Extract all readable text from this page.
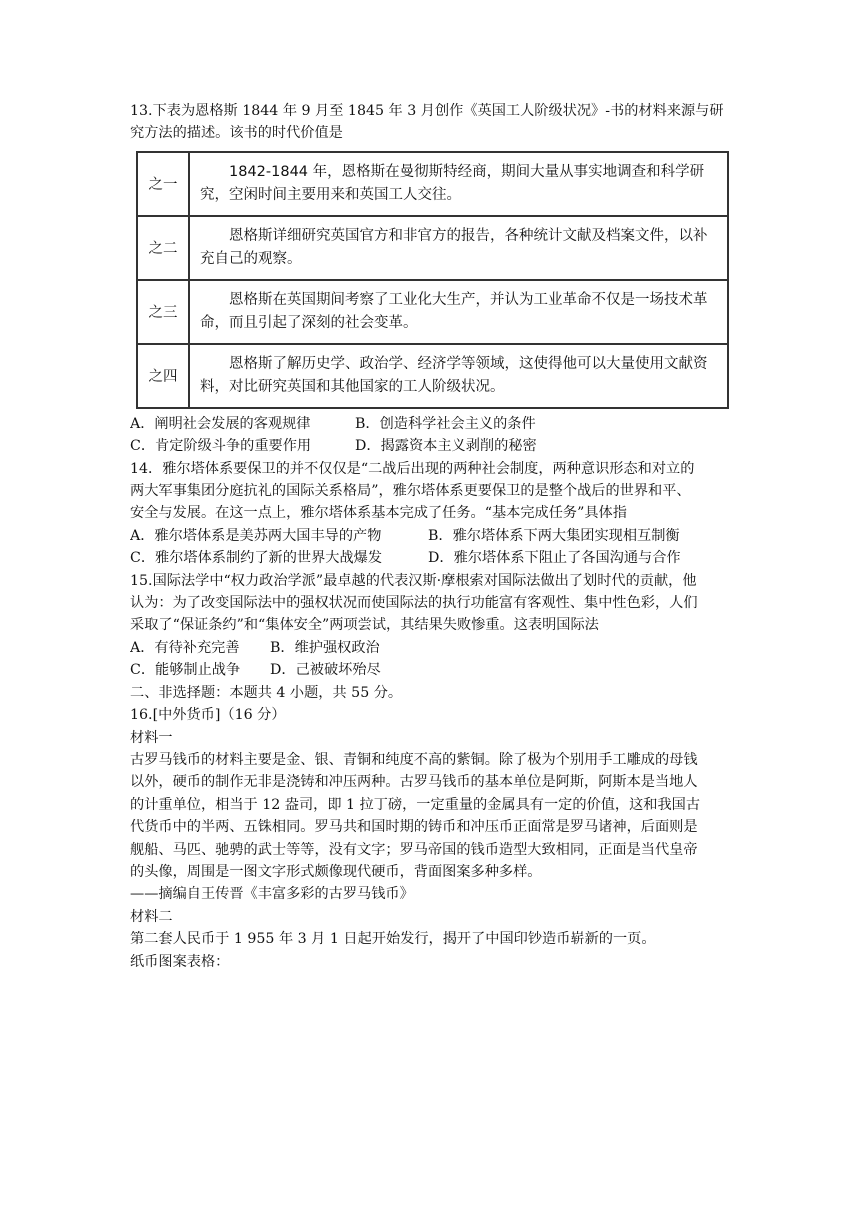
13.下表为恩格斯 1844 年 9 月至 1845 年 3 月创作《英国工人阶级状况》-书的材料来源与研
究方法的描述。该书的时代价值是
之一	1842-1844 年，恩格斯在曼彻斯特经商，期间大量从事实地调查和科学研究，空闲时间主要用来和英国工人交往。
之二	恩格斯详细研究英国官方和非官方的报告，各种统计文献及档案文件，以补充自己的观察。
之三	恩格斯在英国期间考察了工业化大生产，并认为工业革命不仅是一场技术革命，而且引起了深刻的社会变革。
之四	恩格斯了解历史学、政治学、经济学等领域，这使得他可以大量使用文献资料，对比研究英国和其他国家的工人阶级状况。
A．阐明社会发展的客观规律	B．创造科学社会主义的条件
C．肯定阶级斗争的重要作用	D．揭露资本主义剥削的秘密
14．雅尔塔体系要保卫的并不仅仅是“二战后出现的两种社会制度，两种意识形态和对立的
两大军事集团分庭抗礼的国际关系格局”，雅尔塔体系更要保卫的是整个战后的世界和平、
安全与发展。在这一点上，雅尔塔体系基本完成了任务。“基本完成任务”具体指
A．雅尔塔体系是美苏两大国丰导的产物	B．雅尔塔体系下两大集团实现相互制衡
C．雅尔塔体系制约了新的世界大战爆发	D．雅尔塔体系下阻止了各国沟通与合作
15.国际法学中“权力政治学派”最卓越的代表汉斯·摩根索对国际法做出了划时代的贡献，他
认为：为了改变国际法中的强权状况而使国际法的执行功能富有客观性、集中性色彩，人们
采取了“保证条约”和“集体安全”两项尝试，其结果失败惨重。这表明国际法
A．有待补充完善	B．维护强权政治
C．能够制止战争	D．己被破坏殆尽
二、非选择题：本题共 4 小题，共 55 分。
16.[中外货币]（16 分）
材料一
古罗马钱币的材料主要是金、银、青铜和纯度不高的紫铜。除了极为个别用手工雕成的母钱
以外，硬币的制作无非是浇铸和冲压两种。古罗马钱币的基本单位是阿斯，阿斯本是当地人
的计重单位，相当于 12 盎司，即 1 拉丁磅，一定重量的金属具有一定的价值，这和我国古
代货币中的半两、五铢相同。罗马共和国时期的铸币和冲压币正面常是罗马诸神，后面则是
舰船、马匹、驰骋的武士等等，没有文字；罗马帝国的钱币造型大致相同，正面是当代皇帝
的头像，周围是一图文字形式颇像现代硬币，背面图案多种多样。
——摘编自王传晋《丰富多彩的古罗马钱币》
材料二
第二套人民币于 1 955 年 3 月 1 日起开始发行，揭开了中国印钞造币崭新的一页。
纸币图案表格：
